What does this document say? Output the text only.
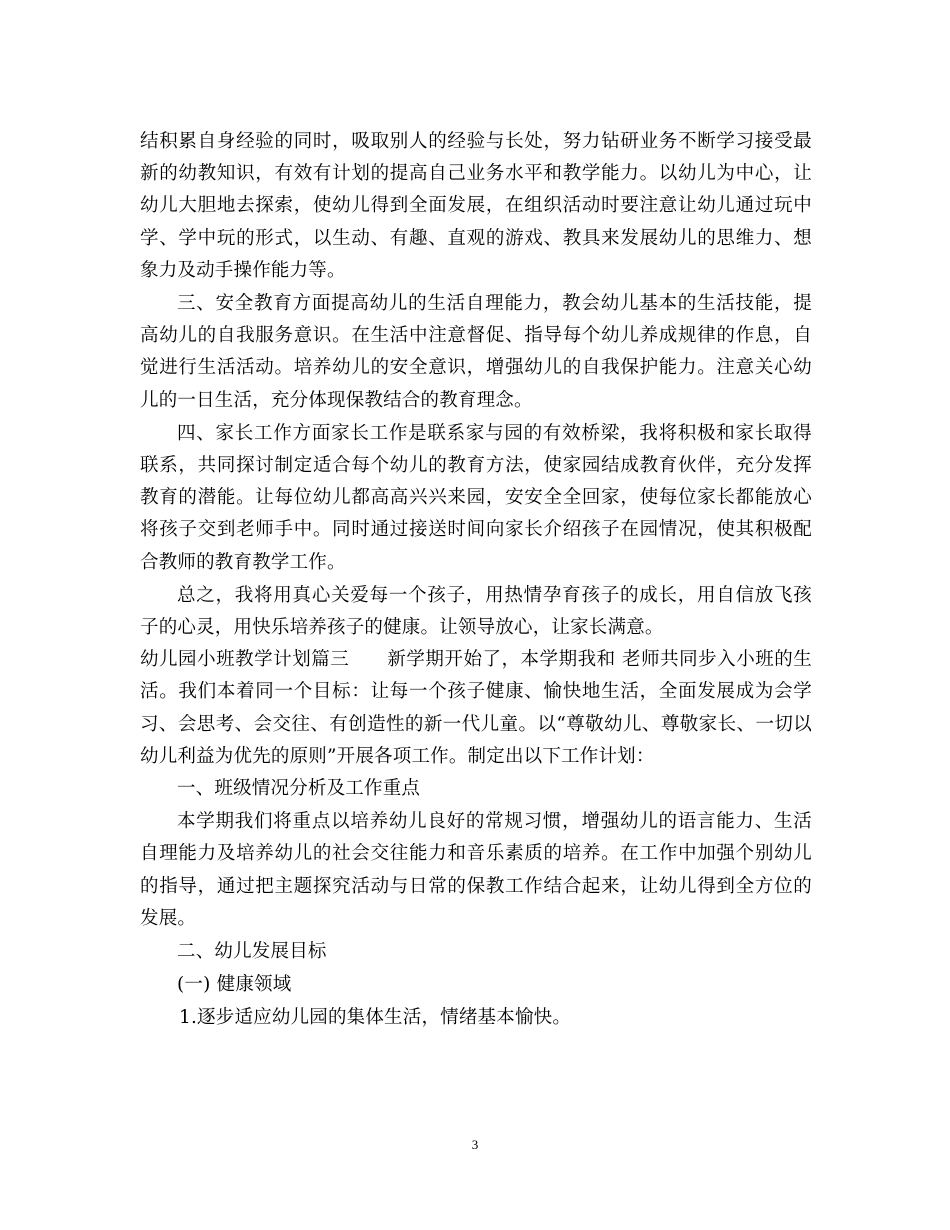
结积累自身经验的同时，吸取别人的经验与长处，努力钻研业务不断学习接受最新的幼教知识，有效有计划的提高自己业务水平和教学能力。以幼儿为中心，让幼儿大胆地去探索，使幼儿得到全面发展，在组织活动时要注意让幼儿通过玩中学、学中玩的形式，以生动、有趣、直观的游戏、教具来发展幼儿的思维力、想象力及动手操作能力等。

三、安全教育方面提高幼儿的生活自理能力，教会幼儿基本的生活技能，提高幼儿的自我服务意识。在生活中注意督促、指导每个幼儿养成规律的作息，自觉进行生活活动。培养幼儿的安全意识，增强幼儿的自我保护能力。注意关心幼儿的一日生活，充分体现保教结合的教育理念。

四、家长工作方面家长工作是联系家与园的有效桥梁，我将积极和家长取得联系，共同探讨制定适合每个幼儿的教育方法，使家园结成教育伙伴，充分发挥教育的潜能。让每位幼儿都高高兴兴来园，安安全全回家，使每位家长都能放心将孩子交到老师手中。同时通过接送时间向家长介绍孩子在园情况，使其积极配合教师的教育教学工作。

总之，我将用真心关爱每一个孩子，用热情孕育孩子的成长，用自信放飞孩子的心灵，用快乐培养孩子的健康。让领导放心，让家长满意。

幼儿园小班教学计划篇三　　新学期开始了，本学期我和 老师共同步入小班的生活。我们本着同一个目标：让每一个孩子健康、愉快地生活，全面发展成为会学习、会思考、会交往、有创造性的新一代儿童。以“尊敬幼儿、尊敬家长、一切以幼儿利益为优先的原则”开展各项工作。制定出以下工作计划：

一、班级情况分析及工作重点

本学期我们将重点以培养幼儿良好的常规习惯，增强幼儿的语言能力、生活自理能力及培养幼儿的社会交往能力和音乐素质的培养。在工作中加强个别幼儿的指导，通过把主题探究活动与日常的保教工作结合起来，让幼儿得到全方位的发展。

二、幼儿发展目标

(一) 健康领域

1.逐步适应幼儿园的集体生活，情绪基本愉快。

3
